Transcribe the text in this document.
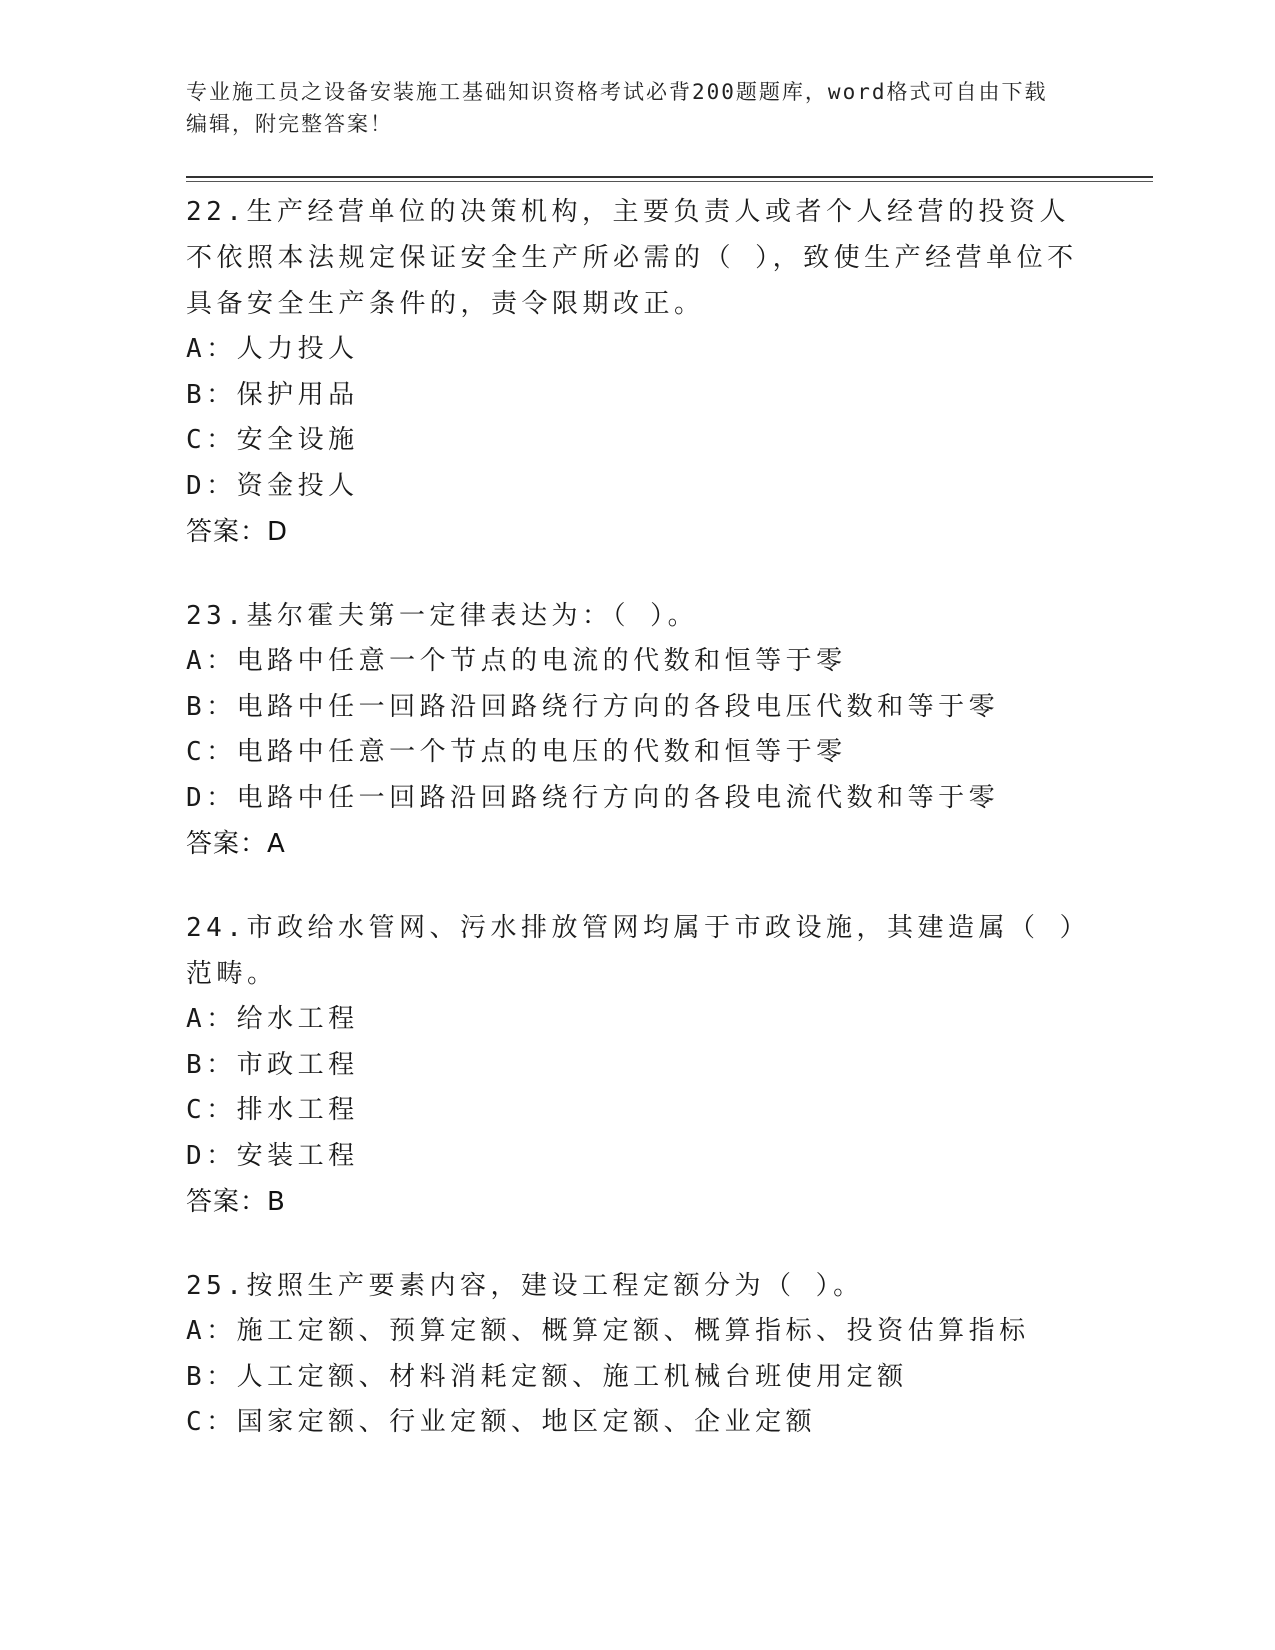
专业施工员之设备安装施工基础知识资格考试必背200题题库，word格式可自由下载编辑，附完整答案！

22.生产经营单位的决策机构，主要负责人或者个人经营的投资人不依照本法规定保证安全生产所必需的（ ），致使生产经营单位不具备安全生产条件的，责令限期改正。

A：人力投人

B：保护用品

C：安全设施

D：资金投人

答案：D

23.基尔霍夫第一定律表达为：（ ）。

A：电路中任意一个节点的电流的代数和恒等于零

B：电路中任一回路沿回路绕行方向的各段电压代数和等于零

C：电路中任意一个节点的电压的代数和恒等于零

D：电路中任一回路沿回路绕行方向的各段电流代数和等于零

答案：A

24.市政给水管网、污水排放管网均属于市政设施，其建造属（ ）范畴。

A：给水工程

B：市政工程

C：排水工程

D：安装工程

答案：B

25.按照生产要素内容，建设工程定额分为（ ）。

A：施工定额、预算定额、概算定额、概算指标、投资估算指标

B：人工定额、材料消耗定额、施工机械台班使用定额

C：国家定额、行业定额、地区定额、企业定额
